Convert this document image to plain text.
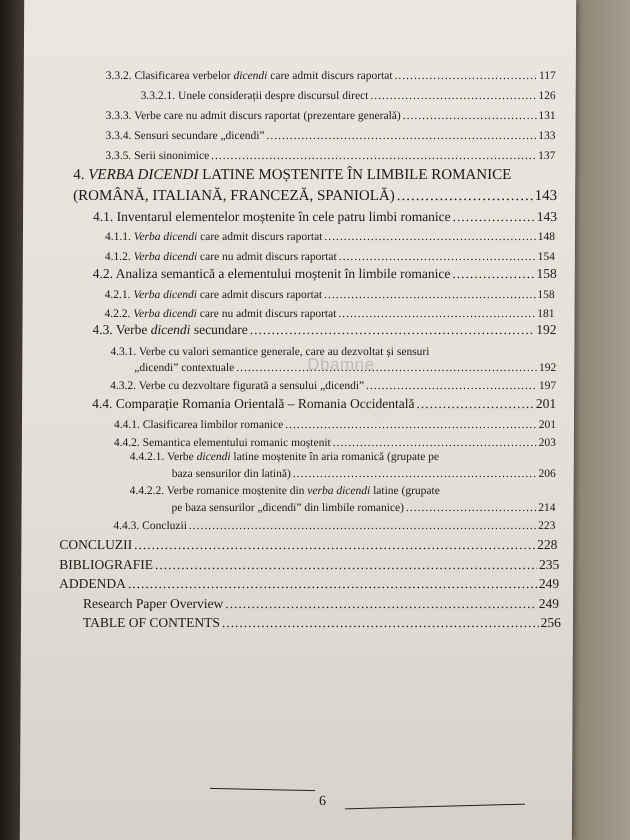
3.3.2. Clasificarea verbelor dicendi care admit discurs raportat .....	117
3.3.2.1. Unele considerații despre discursul direct .....	126
3.3.3. Verbe care nu admit discurs raportat (prezentare generală) .....	131
3.3.4. Sensuri secundare „dicendi” .....	133
3.3.5. Serii sinonimice .....	137
4. VERBA DICENDI LATINE MOȘTENITE ÎN LIMBILE ROMANICE
(ROMÂNĂ, ITALIANĂ, FRANCEZĂ, SPANIOLĂ) .....	143
4.1. Inventarul elementelor moștenite în cele patru limbi romanice .....	143
4.1.1. Verba dicendi care admit discurs raportat .....	148
4.1.2. Verba dicendi care nu admit discurs raportat .....	154
4.2. Analiza semantică a elementului moștenit în limbile romanice .....	158
4.2.1. Verba dicendi care admit discurs raportat .....	158
4.2.2. Verba dicendi care nu admit discurs raportat .....	181
4.3. Verbe dicendi secundare .....	192
4.3.1. Verbe cu valori semantice generale, care au dezvoltat și sensuri
„dicendi” contextuale .....	192
4.3.2. Verbe cu dezvoltare figurată a sensului „dicendi” .....	197
4.4. Comparație Romania Orientală – Romania Occidentală .....	201
4.4.1. Clasificarea limbilor romanice .....	201
4.4.2. Semantica elementului romanic moștenit .....	203
4.4.2.1. Verbe dicendi latine moștenite în aria romanică (grupate pe
baza sensurilor din latină) .....	206
4.4.2.2. Verbe romanice moștenite din verba dicendi latine (grupate
pe baza sensurilor „dicendi” din limbile romanice) .....	214
4.4.3. Concluzii .....	223
CONCLUZII .....	228
BIBLIOGRAFIE .....	235
ADDENDA .....	249
Research Paper Overview .....	249
TABLE OF CONTENTS .....	256
Dbamne
6
